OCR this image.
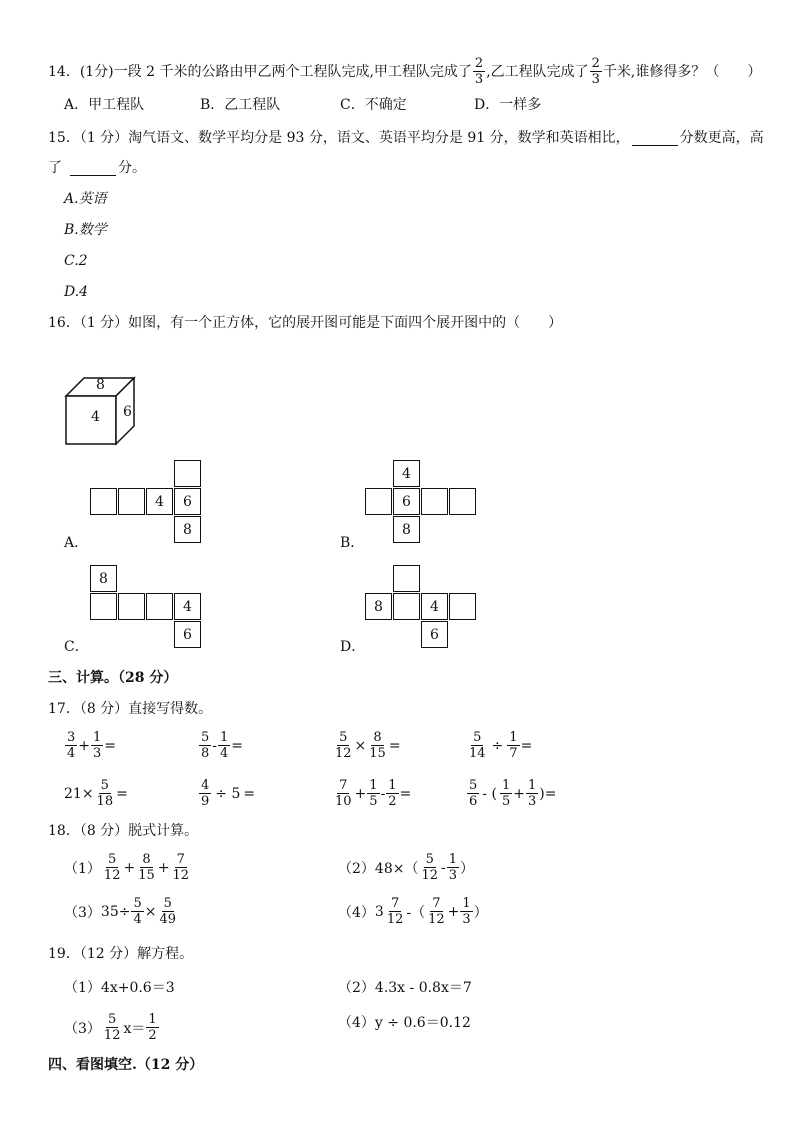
14．(1分)一段 2 千米的公路由甲乙两个工程队完成,甲工程队完成了 $\frac{2}{3}$ ,乙工程队完成了 $\frac{2}{3}$ 千米,谁修得多？（　　）
A．甲工程队	B．乙工程队	C．不确定	D．一样多
15．（1 分）淘气语文、数学平均分是 93 分，语文、英语平均分是 91 分，数学和英语相比，	分数更高，高
了	分。
A.英语
B.数学
C.2
D.4
16．（1 分）如图，有一个正方体，它的展开图可能是下面四个展开图中的（　　）
8
4 6
4	6
8
A．
4
6
8
B．
8
4
6
C．
8	4
6
D．
三、计算。（28 分）
17．（8 分）直接写得数。
$\frac{3}{4} + \frac{1}{3}$ =	$\frac{5}{8} - \frac{1}{4}$ =	$\frac{5}{12} \times \frac{8}{15}$ =	$\frac{5}{14} \div \frac{1}{7}$ =
$21\times \frac{5}{18}$ =	$\frac{4}{9} \div 5$ =	$\frac{7}{10} + \frac{1}{5} - \frac{1}{2}$ =	$\frac{5}{6}$ - ( $\frac{1}{5} + \frac{1}{3}$ ) =
18．（8 分）脱式计算。
$(1) \frac{5}{12} + \frac{8}{15} + \frac{7}{12}$	（2） $48\times( \frac{5}{12} - \frac{1}{3}$ ）
（3） $35\div \frac{5}{4} \times \frac{5}{49}$	（4） $3 \frac{7}{12}$ -（ $\frac{7}{12} + \frac{1}{3}$ ）
19．（12 分）解方程。
（1）4x+0.6＝3	（2）4.3x - 0.8x＝7
$(3) \frac{5}{12} x= \frac{1}{2}$	（4）y ÷ 0.6＝0.12
四、看图填空.（12 分）
